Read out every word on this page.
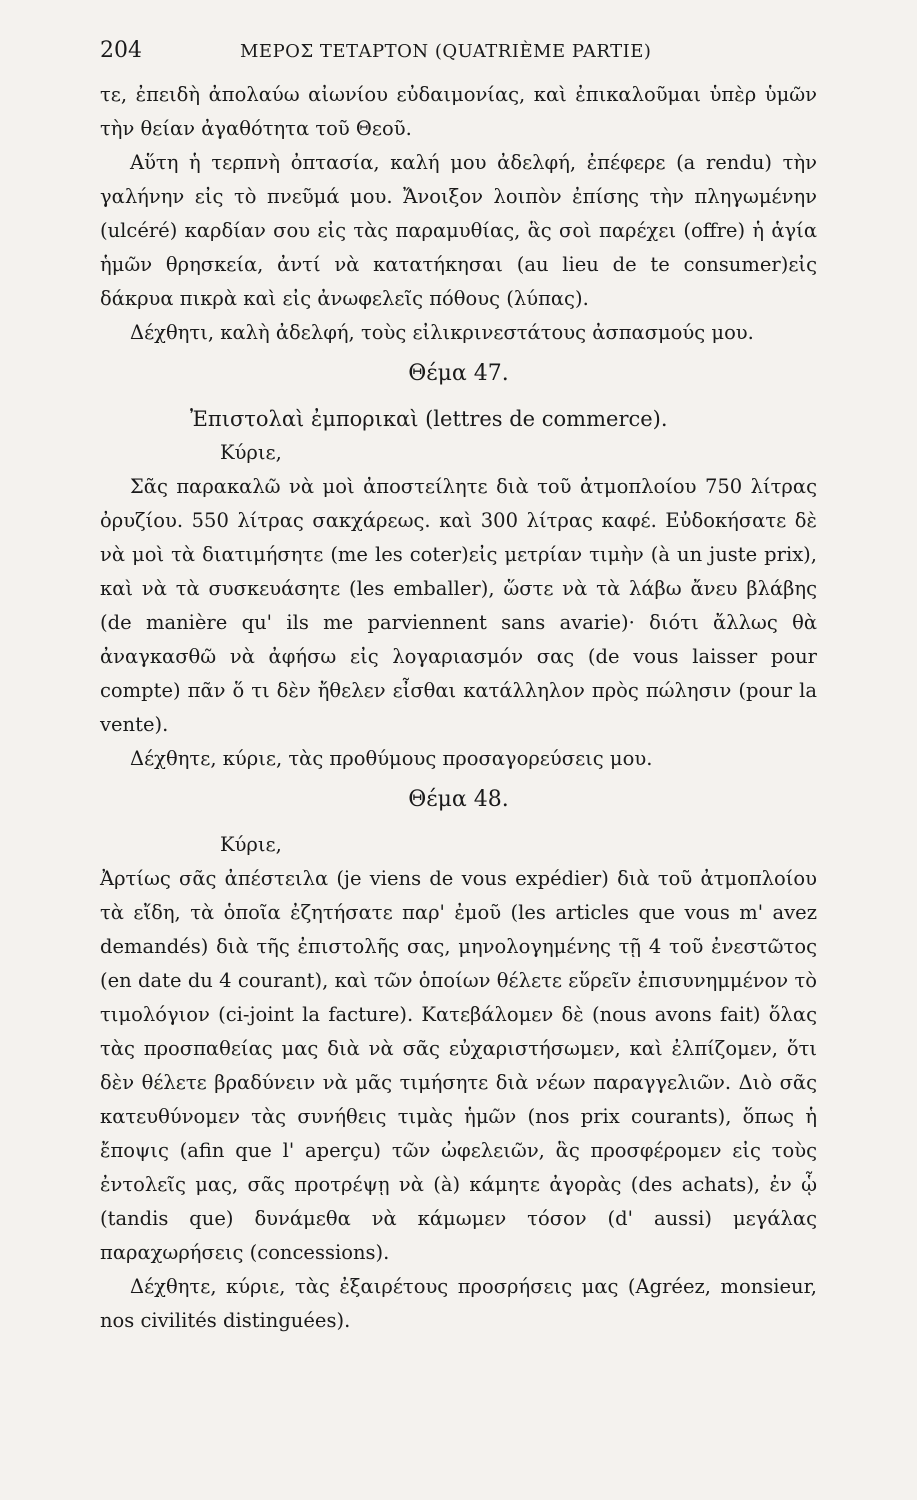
204	ΜΕΡΟΣ ΤΕΤΑΡΤΟΝ (QUATRIÈME PARTIE)

τε, ἐπειδὴ ἀπολαύω αἰωνίου εὐδαιμονίας, καὶ ἐπικαλοῦμαι ὑπὲρ ὑμῶν τὴν θείαν ἀγαθότητα τοῦ Θεοῦ.

Αὕτη ἡ τερπνὴ ὀπτασία, καλή μου ἀδελφή, ἐπέφερε (a rendu) τὴν γαλήνην εἰς τὸ πνεῦμά μου. Ἄνοιξον λοιπὸν ἐπίσης τὴν πληγωμένην (ulcéré) καρδίαν σου εἰς τὰς παραμυθίας, ἃς σοὶ παρέχει (offre) ἡ ἁγία ἡμῶν θρησκεία, ἀντί νὰ κατατήκησαι (au lieu de te consumer)εἰς δάκρυα πικρὰ καὶ εἰς ἀνωφελεῖς πόθους (λύπας).

Δέχθητι, καλὴ ἀδελφή, τοὺς εἰλικρινεστάτους ἀσπασμούς μου.

Θέμα 47.

Ἐπιστολαὶ ἐμπορικαὶ (lettres de commerce).

Κύριε,

Σᾶς παρακαλῶ νὰ μοὶ ἀποστείλητε διὰ τοῦ ἀτμοπλοίου 750 λίτρας ὀρυζίου. 550 λίτρας σακχάρεως. καὶ 300 λίτρας καφέ. Εὐδοκήσατε δὲ νὰ μοὶ τὰ διατιμήσητε (me les coter)εἰς μετρίαν τιμὴν (à un juste prix), καὶ νὰ τὰ συσκευάσητε (les emballer), ὥστε νὰ τὰ λάβω ἄνευ βλάβης (de manière qu' ils me parviennent sans avarie)· διότι ἄλλως θὰ ἀναγκασθῶ νὰ ἀφήσω εἰς λογαριασμόν σας (de vous laisser pour compte) πᾶν ὅ τι δὲν ἤθελεν εἶσθαι κατάλληλον πρὸς πώλησιν (pour la vente).

Δέχθητε, κύριε, τὰς προθύμους προσαγορεύσεις μου.

Θέμα 48.

Κύριε,

Ἀρτίως σᾶς ἀπέστειλα (je viens de vous expédier) διὰ τοῦ ἀτμοπλοίου τὰ εἴδη, τὰ ὁποῖα ἐζητήσατε παρ' ἐμοῦ (les articles que vous m' avez demandés) διὰ τῆς ἐπιστολῆς σας, μηνολογημένης τῇ 4 τοῦ ἐνεστῶτος (en date du 4 courant), καὶ τῶν ὁποίων θέλετε εὕρεῖν ἐπισυνημμένον τὸ τιμολόγιον (ci-joint la facture). Κατεβάλομεν δὲ (nous avons fait) ὅλας τὰς προσπαθείας μας διὰ νὰ σᾶς εὐχαριστήσωμεν, καὶ ἐλπίζομεν, ὅτι δὲν θέλετε βραδύνειν νὰ μᾶς τιμήσητε διὰ νέων παραγγελιῶν. Διὸ σᾶς κατευθύνομεν τὰς συνήθεις τιμὰς ἡμῶν (nos prix courants), ὅπως ἡ ἔποψις (afin que l' aperçu) τῶν ὠφελειῶν, ἃς προσφέρομεν εἰς τοὺς ἐντολεῖς μας, σᾶς προτρέψῃ νὰ (à) κάμητε ἀγορὰς (des achats), ἐν ᾧ (tandis que) δυνάμεθα νὰ κάμωμεν τόσον (d' aussi) μεγάλας παραχωρήσεις (concessions).

Δέχθητε, κύριε, τὰς ἐξαιρέτους προσρήσεις μας (Agréez, monsieur, nos civilités distinguées).
